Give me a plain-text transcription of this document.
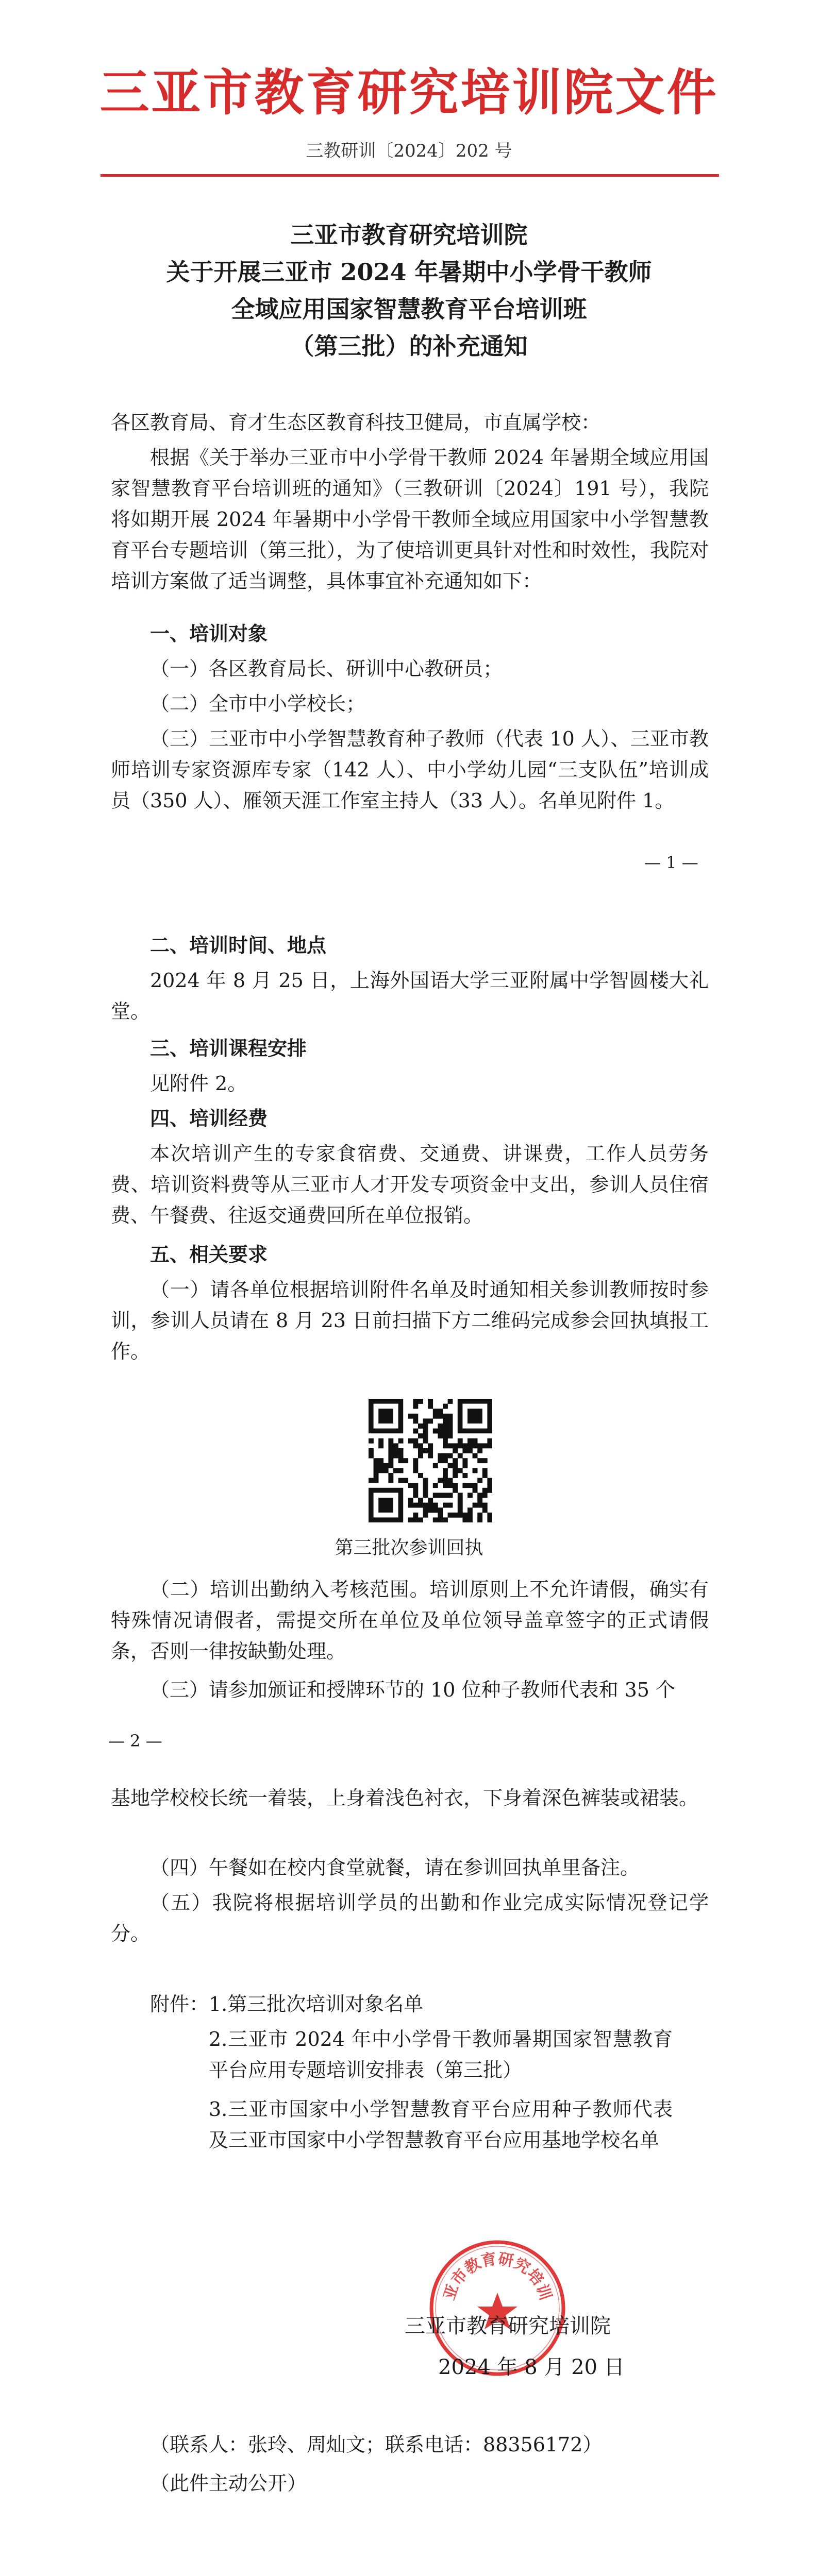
三亚市教育研究培训院文件
三教研训〔2024〕202 号
三亚市教育研究培训院
关于开展三亚市 2024 年暑期中小学骨干教师
全域应用国家智慧教育平台培训班
（第三批）的补充通知

各区教育局、育才生态区教育科技卫健局，市直属学校：

根据《关于举办三亚市中小学骨干教师 2024 年暑期全域应用国家智慧教育平台培训班的通知》（三教研训〔2024〕191 号），我院将如期开展 2024 年暑期中小学骨干教师全域应用国家中小学智慧教育平台专题培训（第三批），为了使培训更具针对性和时效性，我院对培训方案做了适当调整，具体事宜补充通知如下：

一、培训对象
（一）各区教育局长、研训中心教研员；
（二）全市中小学校长；

（三）三亚市中小学智慧教育种子教师（代表 10 人）、三亚市教师培训专家资源库专家（142 人）、中小学幼儿园“三支队伍”培训成员（350 人）、雁领天涯工作室主持人（33 人）。名单见附件 1。

— 1 —
二、培训时间、地点

2024 年 8 月 25 日，上海外国语大学三亚附属中学智圆楼大礼堂。

三、培训课程安排
见附件 2。
四、培训经费

本次培训产生的专家食宿费、交通费、讲课费，工作人员劳务费、培训资料费等从三亚市人才开发专项资金中支出，参训人员住宿费、午餐费、往返交通费回所在单位报销。

五、相关要求

（一）请各单位根据培训附件名单及时通知相关参训教师按时参训，参训人员请在 8 月 23 日前扫描下方二维码完成参会回执填报工作。

第三批次参训回执

（二）培训出勤纳入考核范围。培训原则上不允许请假，确实有特殊情况请假者，需提交所在单位及单位领导盖章签字的正式请假条，否则一律按缺勤处理。

（三）请参加颁证和授牌环节的 10 位种子教师代表和 35 个

— 2 —

基地学校校长统一着装，上身着浅色衬衣，下身着深色裤装或裙装。

（四）午餐如在校内食堂就餐，请在参训回执单里备注。

（五）我院将根据培训学员的出勤和作业完成实际情况登记学分。

附件： 1.第三批次培训对象名单

2.三亚市 2024 年中小学骨干教师暑期国家智慧教育平台应用专题培训安排表（第三批）

3.三亚市国家中小学智慧教育平台应用种子教师代表及三亚市国家中小学智慧教育平台应用基地学校名单

亚市教育研究培训
三亚市教育研究培训院
2024 年 8 月 20 日
（联系人：张玲、周灿文；联系电话：88356172）
（此件主动公开）
